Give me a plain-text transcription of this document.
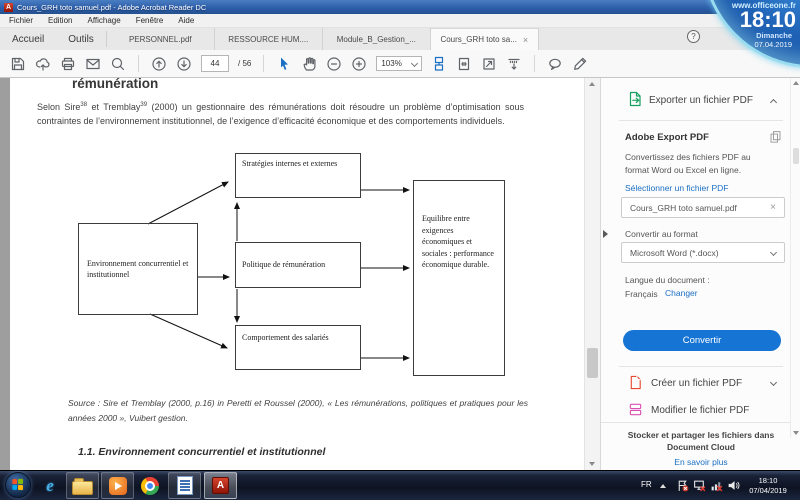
A Cours_GRH toto samuel.pdf - Adobe Acrobat Reader DC
Fichier Edition Affichage Fenêtre Aide
Accueil	Outils	PERSONNEL.pdf	RESSOURCE HUM....	Module_B_Gestion_...	Cours_GRH toto sa... ×	?
44	/ 56	103%
rémunération
Selon Sire$^{38}$ et Tremblay$^{39}$ (2000) un gestionnaire des rémunérations doit résoudre un problème d’optimisation sous contraintes de l’environnement institutionnel, de l’exigence d’efficacité économique et des comportements individuels.
Environnement concurrentiel et institutionnel
Stratégies internes et externes
Politique de rémunération
Comportement des salariés
Equilibre entre exigences économiques et sociales : performance économique durable.
Source : Sire et Tremblay (2000, p.16) in Peretti et Roussel (2000), « Les rémunérations, politiques et pratiques pour les années 2000 », Vuibert gestion.
1.1. Environnement concurrentiel et institutionnel
Exporter un fichier PDF
Adobe Export PDF
Convertissez des fichiers PDF au format Word ou Excel en ligne.
Sélectionner un fichier PDF
Cours_GRH toto samuel.pdf	×
Convertir au format
Microsoft Word (*.docx)
Langue du document :
Français Changer
Convertir
Créer un fichier PDF
Modifier le fichier PDF
Stocker et partager les fichiers dans Document Cloud
En savoir plus
e	A	FR	18:10
07/04/2019
www.officeone.fr
18:10
Dimanche
07.04.2019
